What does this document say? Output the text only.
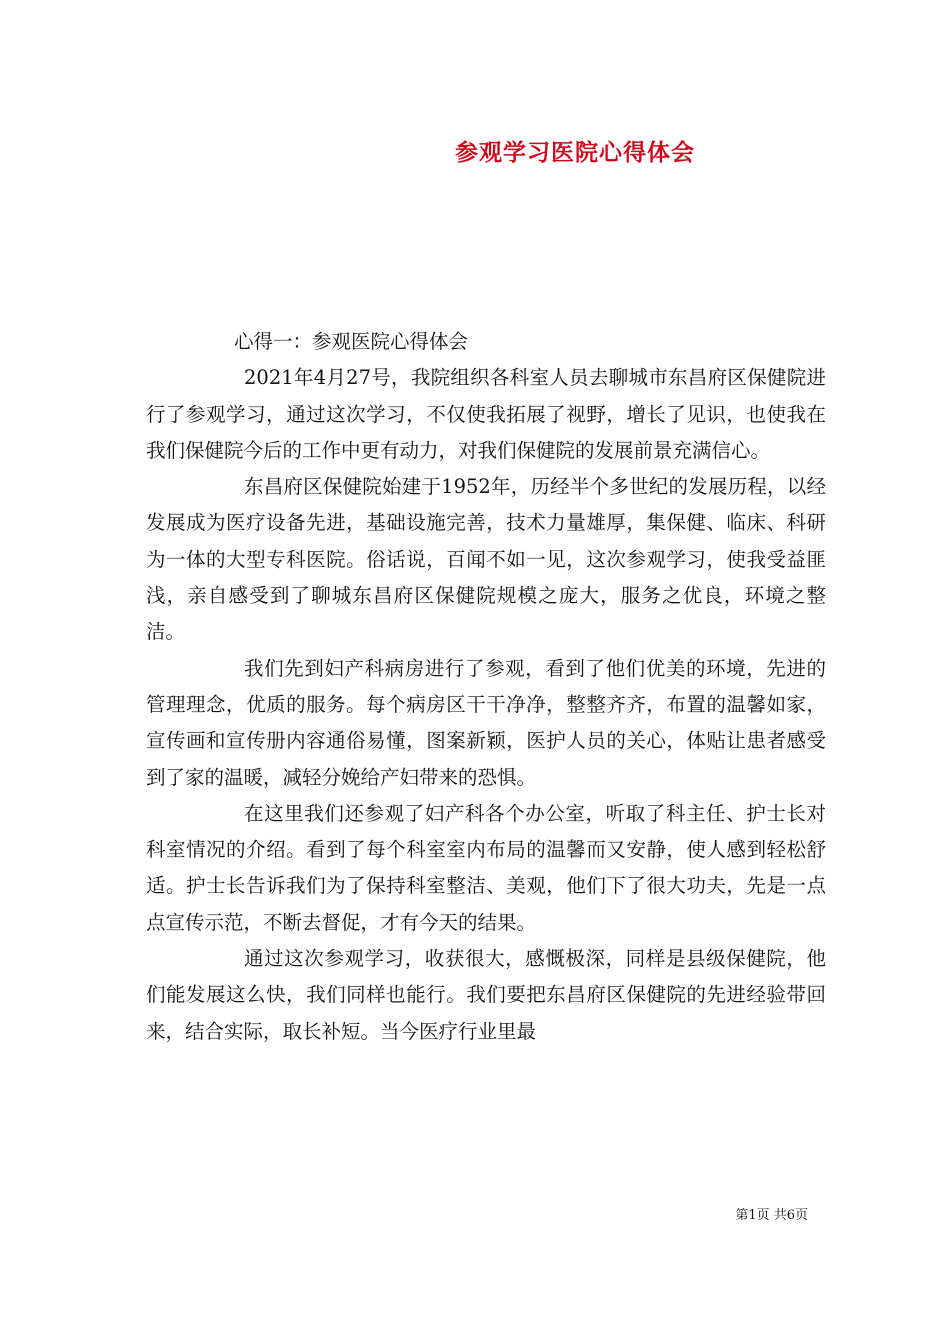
参观学习医院心得体会

心得一：参观医院心得体会

2021年4月27号，我院组织各科室人员去聊城市东昌府区保健院进行了参观学习，通过这次学习，不仅使我拓展了视野，增长了见识，也使我在我们保健院今后的工作中更有动力，对我们保健院的发展前景充满信心。

东昌府区保健院始建于1952年，历经半个多世纪的发展历程，以经发展成为医疗设备先进，基础设施完善，技术力量雄厚，集保健、临床、科研为一体的大型专科医院。俗话说，百闻不如一见，这次参观学习，使我受益匪浅，亲自感受到了聊城东昌府区保健院规模之庞大，服务之优良，环境之整洁。

我们先到妇产科病房进行了参观，看到了他们优美的环境，先进的管理理念，优质的服务。每个病房区干干净净，整整齐齐，布置的温馨如家，宣传画和宣传册内容通俗易懂，图案新颖，医护人员的关心，体贴让患者感受到了家的温暖，减轻分娩给产妇带来的恐惧。

在这里我们还参观了妇产科各个办公室，听取了科主任、护士长对科室情况的介绍。看到了每个科室室内布局的温馨而又安静，使人感到轻松舒适。护士长告诉我们为了保持科室整洁、美观，他们下了很大功夫，先是一点点宣传示范，不断去督促，才有今天的结果。

通过这次参观学习，收获很大，感慨极深，同样是县级保健院，他们能发展这么快，我们同样也能行。我们要把东昌府区保健院的先进经验带回来，结合实际，取长补短。当今医疗行业里最

第1页 共6页
